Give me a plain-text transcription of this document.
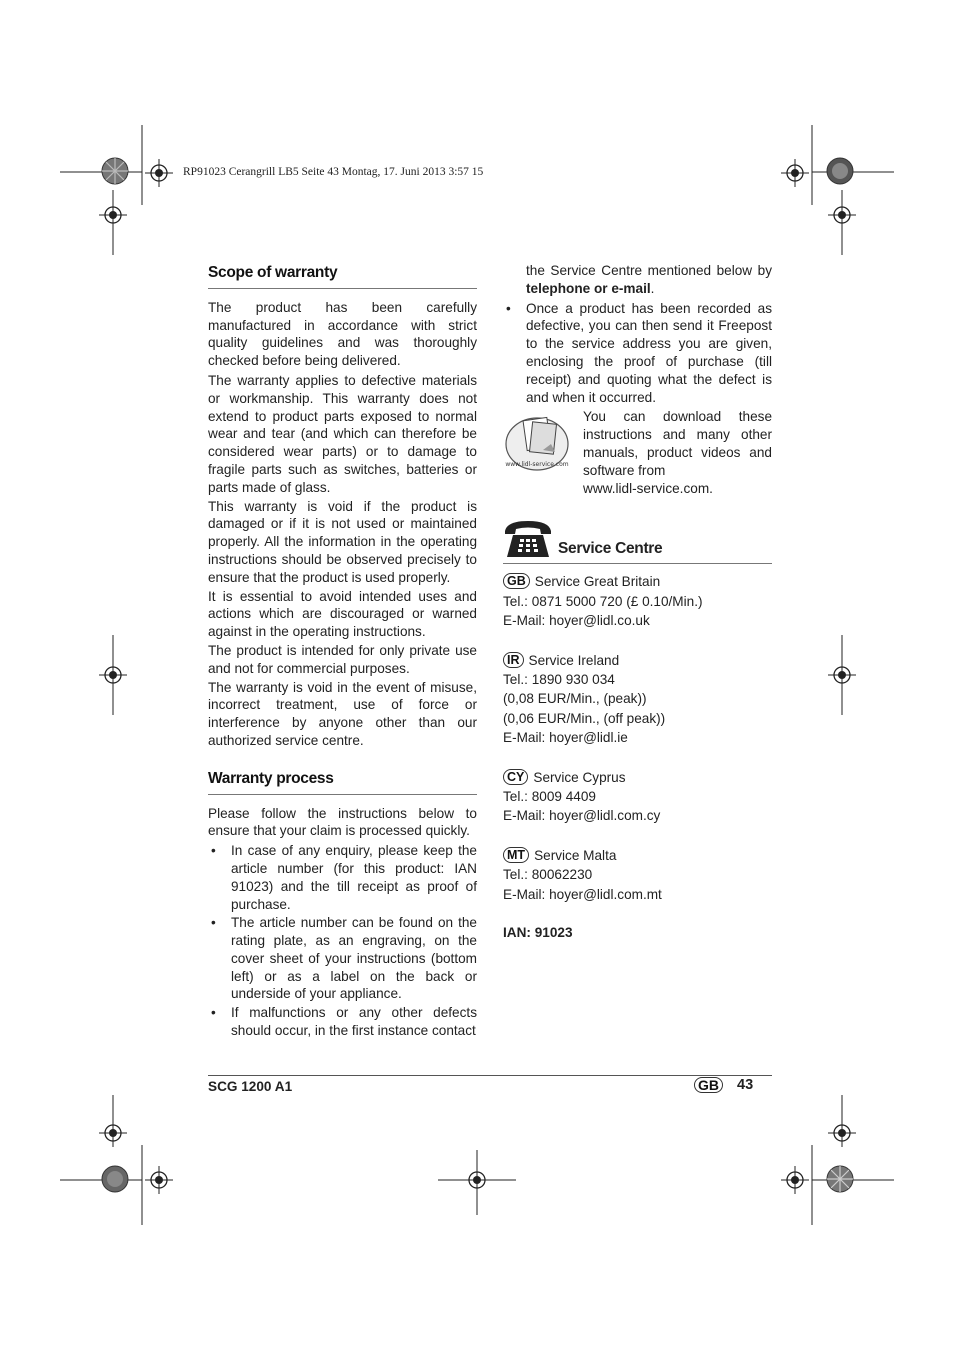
RP91023 Cerangrill LB5 Seite 43 Montag, 17. Juni 2013 3:57 15
Scope of warranty

The product has been carefully manufactured in accordance with strict quality guidelines and was thoroughly checked before being delivered.

The warranty applies to defective materials or workmanship. This warranty does not extend to product parts exposed to normal wear and tear (and which can therefore be considered wear parts) or to damage to fragile parts such as switches, batteries or parts made of glass.

This warranty is void if the product is damaged or if it is not used or maintained properly. All the information in the operating instructions should be observed precisely to ensure that the product is used properly.

It is essential to avoid intended uses and actions which are discouraged or warned against in the operating instructions.

The product is intended for only private use and not for commercial purposes.

The warranty is void in the event of misuse, incorrect treatment, use of force or interference by anyone other than our authorized service centre.

Warranty process

Please follow the instructions below to ensure that your claim is processed quickly.

• In case of any enquiry, please keep the article number (for this product: IAN 91023) and the till receipt as proof of purchase.
• The article number can be found on the rating plate, as an engraving, on the cover sheet of your instructions (bottom left) or as a label on the back or underside of your appliance.
• If malfunctions or any other defects should occur, in the first instance contact
the Service Centre mentioned below by telephone or e-mail.
• Once a product has been recorded as defective, you can then send it Freepost to the service address you are given, enclosing the proof of purchase (till receipt) and quoting what the defect is and when it occurred.
www.lidl-service.com
You can download these instructions and many other manuals, product videos and software from
www.lidl-service.com.
Service Centre
GB Service Great Britain
Tel.: 0871 5000 720 (£ 0.10/Min.)
E-Mail: hoyer@lidl.co.uk
IR Service Ireland
Tel.: 1890 930 034
(0,08 EUR/Min., (peak))
(0,06 EUR/Min., (off peak))
E-Mail: hoyer@lidl.ie
CY Service Cyprus
Tel.: 8009 4409
E-Mail: hoyer@lidl.com.cy
MT Service Malta
Tel.: 80062230
E-Mail: hoyer@lidl.com.mt
IAN: 91023
SCG 1200 A1	GB 43
